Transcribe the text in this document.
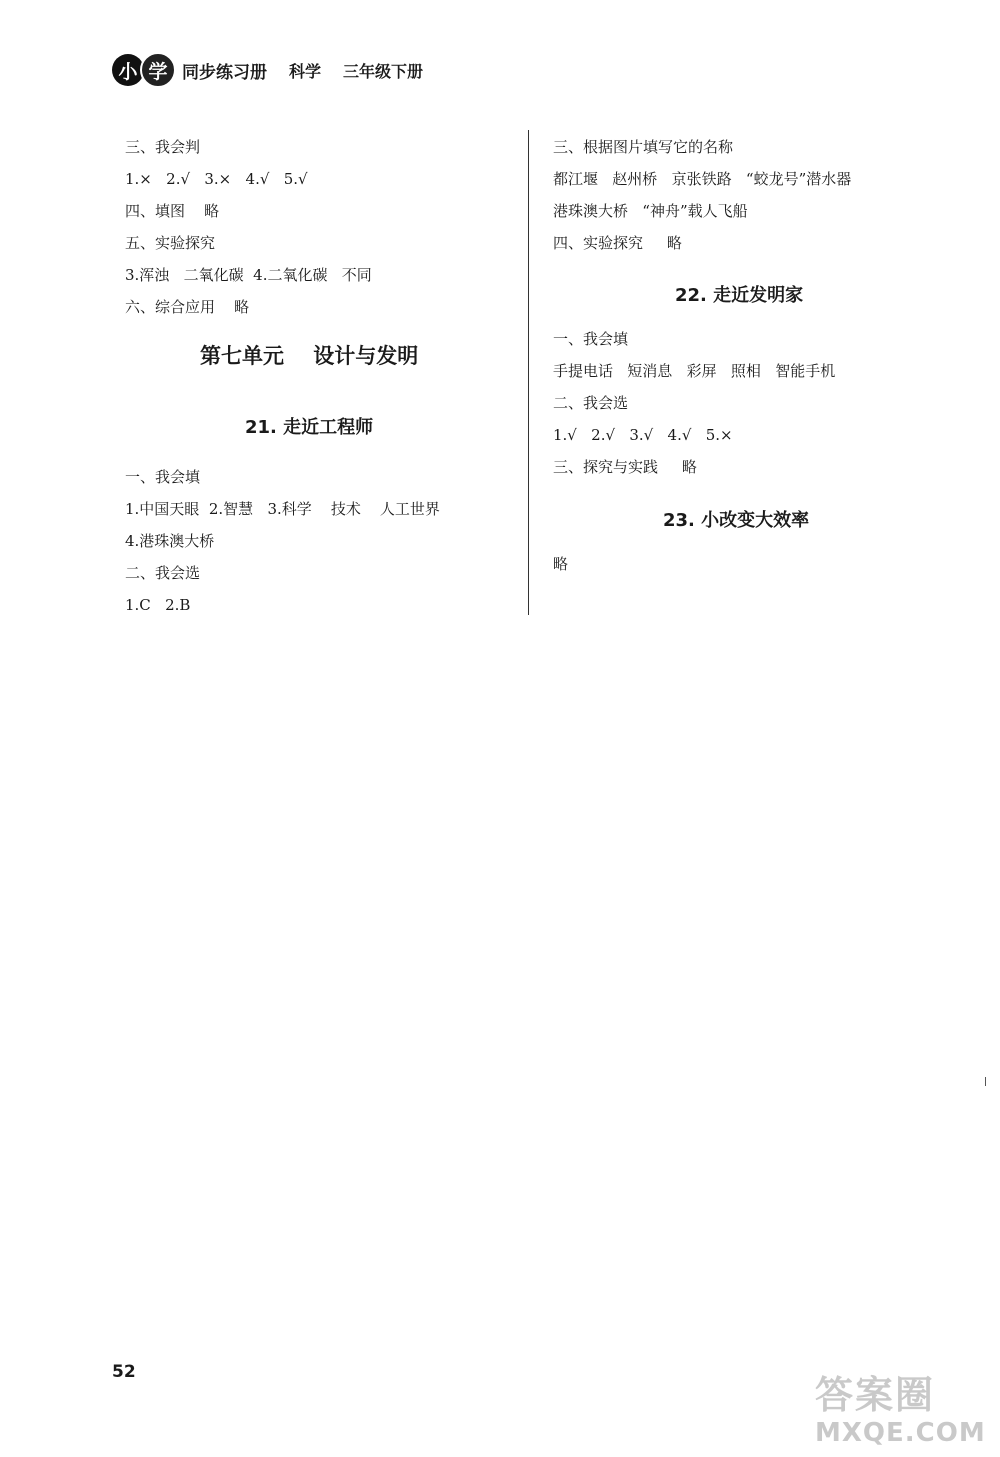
小 学 同步练习册 科学 三年级下册
三、我会判
1.×   2.√   3.×   4.√   5.√
四、填图    略
五、实验探究
3.浑浊   二氧化碳  4.二氧化碳   不同
六、综合应用    略
第七单元    设计与发明
21. 走近工程师
一、我会填
1.中国天眼  2.智慧   3.科学    技术    人工世界
4.港珠澳大桥
二、我会选
1.C   2.B
三、根据图片填写它的名称
都江堰   赵州桥   京张铁路   “蛟龙号”潜水器
港珠澳大桥   “神舟”载人飞船
四、实验探究     略
22. 走近发明家
一、我会填
手提电话   短消息   彩屏   照相   智能手机
二、我会选
1.√   2.√   3.√   4.√   5.×
三、探究与实践     略
23. 小改变大效率
略
52
答案圈
MXQE.COM
